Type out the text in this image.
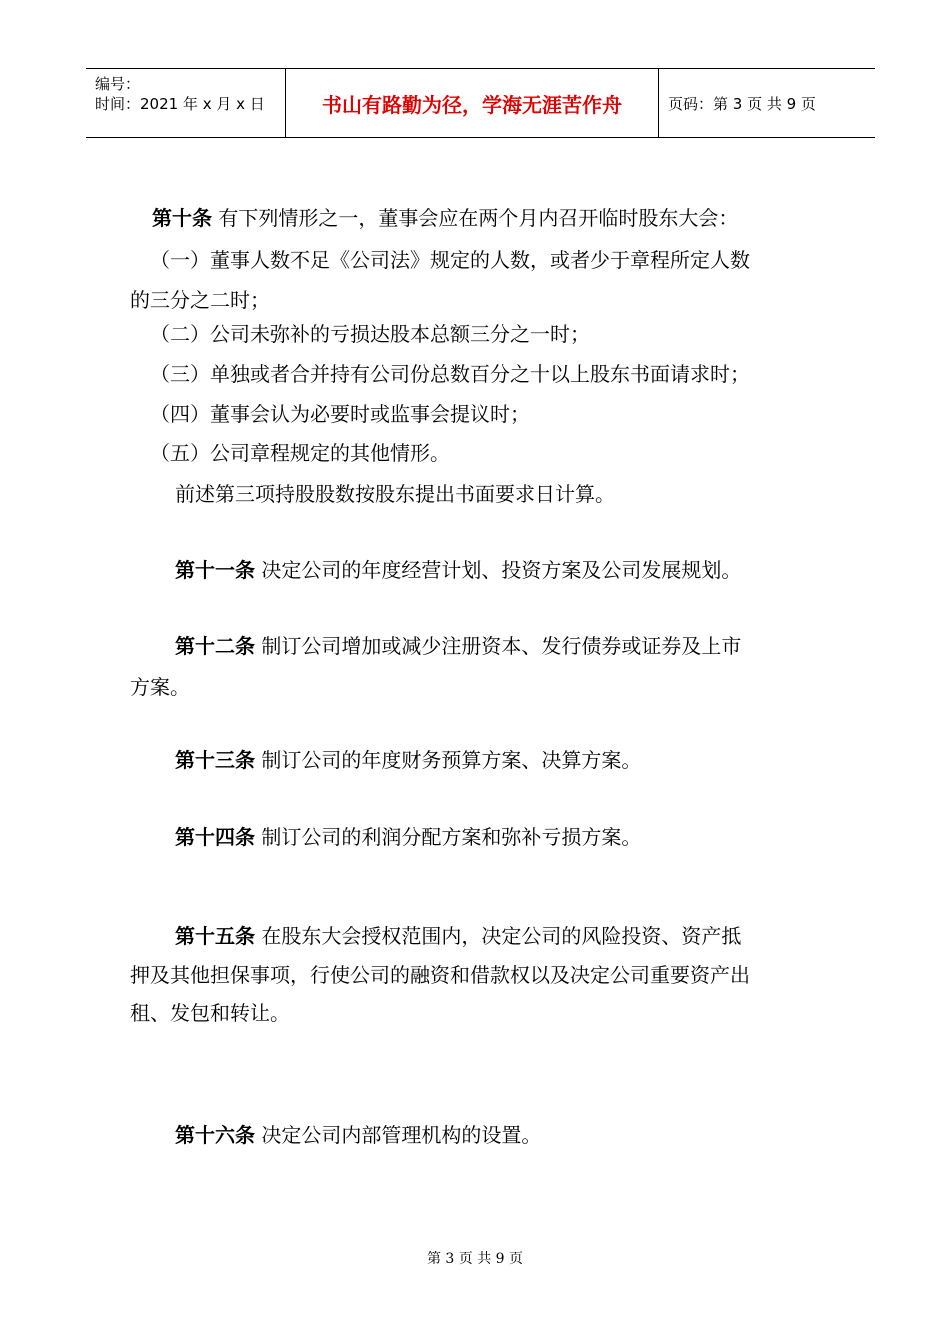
编号：
时间：2021 年 x 月 x 日	书山有路勤为径，学海无涯苦作舟	页码：第 3 页 共 9 页
第十条 有下列情形之一，董事会应在两个月内召开临时股东大会：
（一）董事人数不足《公司法》规定的人数，或者少于章程所定人数
的三分之二时；
（二）公司未弥补的亏损达股本总额三分之一时；
（三）单独或者合并持有公司份总数百分之十以上股东书面请求时；
（四）董事会认为必要时或监事会提议时；
（五）公司章程规定的其他情形。
前述第三项持股股数按股东提出书面要求日计算。
第十一条 决定公司的年度经营计划、投资方案及公司发展规划。
第十二条 制订公司增加或减少注册资本、发行债券或证券及上市
方案。
第十三条 制订公司的年度财务预算方案、决算方案。
第十四条 制订公司的利润分配方案和弥补亏损方案。
第十五条 在股东大会授权范围内，决定公司的风险投资、资产抵
押及其他担保事项，行使公司的融资和借款权以及决定公司重要资产出
租、发包和转让。
第十六条 决定公司内部管理机构的设置。
第 3 页 共 9 页
